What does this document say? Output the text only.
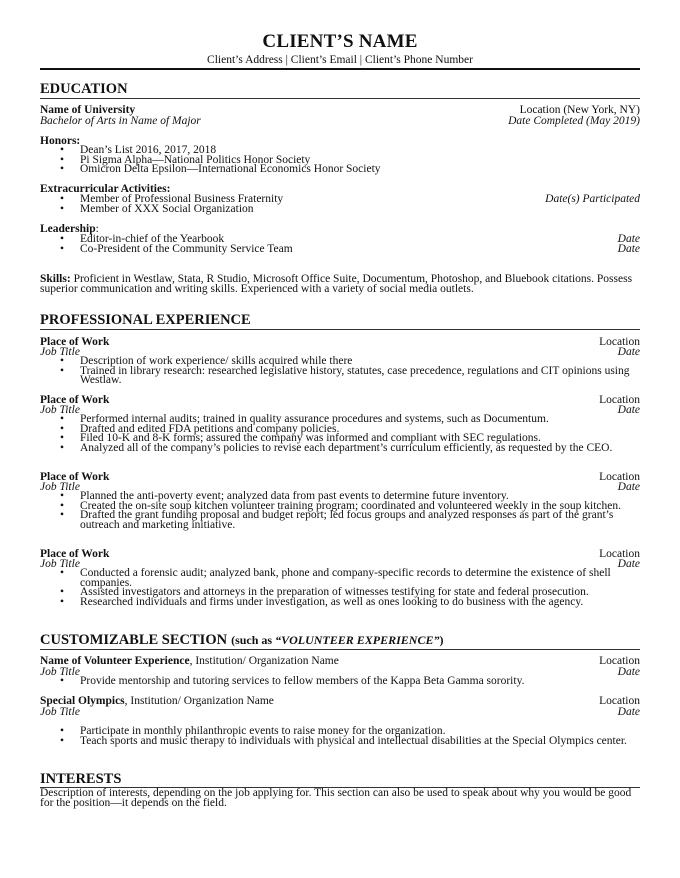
CLIENT’S NAME
Client’s Address | Client’s Email | Client’s Phone Number
EDUCATION
Name of University	Location (New York, NY)
Bachelor of Arts in Name of Major	Date Completed (May 2019)
Honors:
• Dean’s List 2016, 2017, 2018
• Pi Sigma Alpha—National Politics Honor Society
• Omicron Delta Epsilon—International Economics Honor Society
Extracurricular Activities:
• Member of Professional Business Fraternity	Date(s) Participated
• Member of XXX Social Organization
Leadership:
• Editor-in-chief of the Yearbook	Date
• Co-President of the Community Service Team	Date
Skills: Proficient in Westlaw, Stata, R Studio, Microsoft Office Suite, Documentum, Photoshop, and Bluebook citations. Possess superior communication and writing skills. Experienced with a variety of social media outlets.
PROFESSIONAL EXPERIENCE
Place of Work	Location
Job Title	Date
• Description of work experience/ skills acquired while there
• Trained in library research: researched legislative history, statutes, case precedence, regulations and CIT opinions using Westlaw.
Place of Work	Location
Job Title	Date
• Performed internal audits; trained in quality assurance procedures and systems, such as Documentum.
• Drafted and edited FDA petitions and company policies.
• Filed 10-K and 8-K forms; assured the company was informed and compliant with SEC regulations.
• Analyzed all of the company’s policies to revise each department’s curriculum efficiently, as requested by the CEO.
Place of Work	Location
Job Title	Date
• Planned the anti-poverty event; analyzed data from past events to determine future inventory.
• Created the on-site soup kitchen volunteer training program; coordinated and volunteered weekly in the soup kitchen.
• Drafted the grant funding proposal and budget report; led focus groups and analyzed responses as part of the grant’s outreach and marketing initiative.
Place of Work	Location
Job Title	Date
• Conducted a forensic audit; analyzed bank, phone and company-specific records to determine the existence of shell companies.
• Assisted investigators and attorneys in the preparation of witnesses testifying for state and federal prosecution.
• Researched individuals and firms under investigation, as well as ones looking to do business with the agency.
CUSTOMIZABLE SECTION (such as “VOLUNTEER EXPERIENCE”)
Name of Volunteer Experience, Institution/ Organization Name	Location
Job Title	Date
• Provide mentorship and tutoring services to fellow members of the Kappa Beta Gamma sorority.
Special Olympics, Institution/ Organization Name	Location
Job Title	Date
• Participate in monthly philanthropic events to raise money for the organization.
• Teach sports and music therapy to individuals with physical and intellectual disabilities at the Special Olympics center.
INTERESTS
Description of interests, depending on the job applying for. This section can also be used to speak about why you would be good for the position—it depends on the field.
